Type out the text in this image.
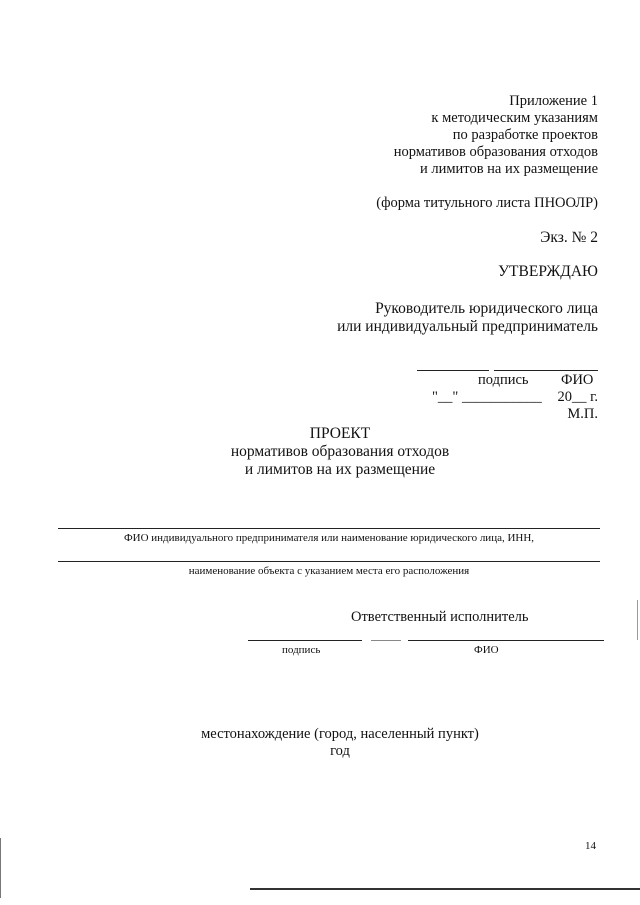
Приложение 1
к методическим указаниям
по разработке проектов
нормативов образования отходов
и лимитов на их размещение
(форма титульного листа ПНООЛР)
Экз. № 2
УТВЕРЖДАЮ
Руководитель юридического лица
или индивидуальный предприниматель
подпись ФИО
"__" ___________ 20__ г.
М.П.
ПРОЕКТ
нормативов образования отходов
и лимитов на их размещение
ФИО индивидуального предпринимателя или наименование юридического лица, ИНН,
наименование объекта с указанием места его расположения
Ответственный исполнитель
подпись	ФИО
местонахождение (город, населенный пункт)
год
14
